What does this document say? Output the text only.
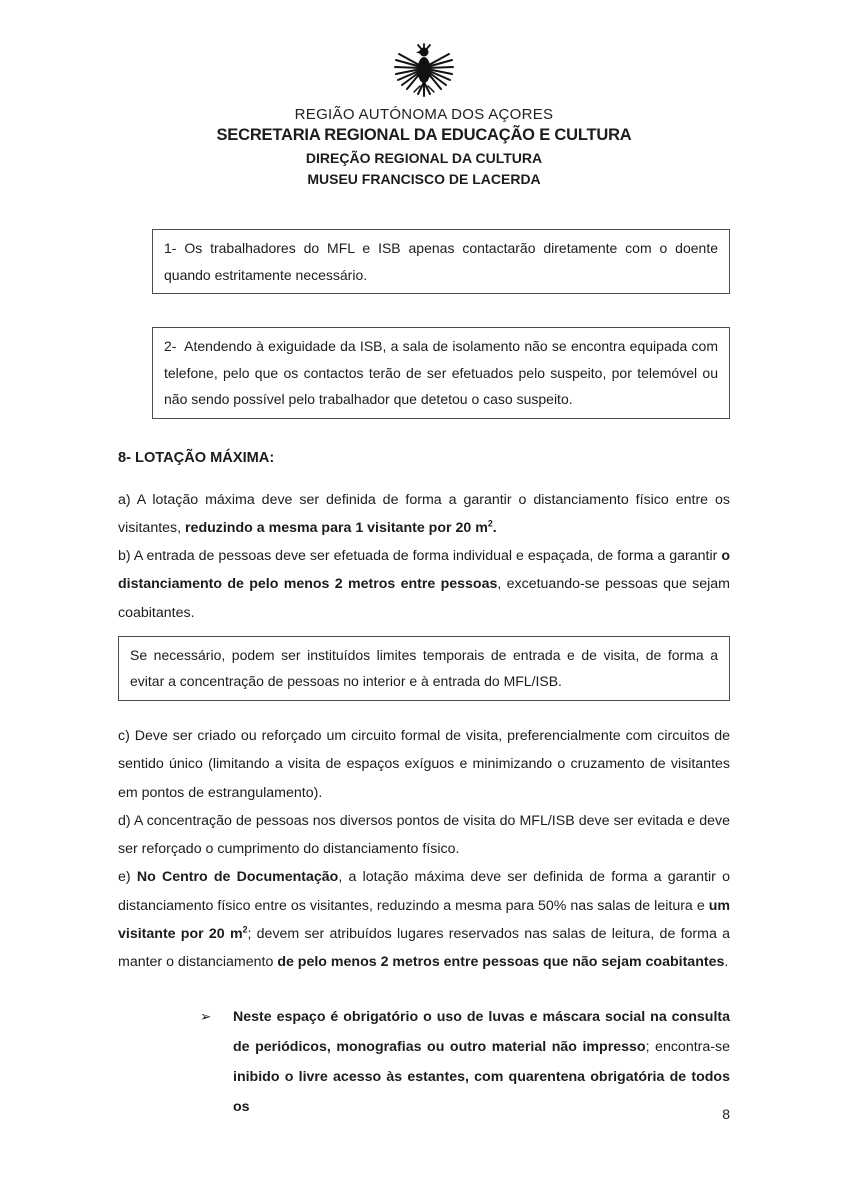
REGIÃO AUTÓNOMA DOS AÇORES
SECRETARIA REGIONAL DA EDUCAÇÃO E CULTURA
DIREÇÃO REGIONAL DA CULTURA
MUSEU FRANCISCO DE LACERDA

1- Os trabalhadores do MFL e ISB apenas contactarão diretamente com o doente quando estritamente necessário.

2-  Atendendo à exiguidade da ISB, a sala de isolamento não se encontra equipada com telefone, pelo que os contactos terão de ser efetuados pelo suspeito, por telemóvel ou não sendo possível pelo trabalhador que detetou o caso suspeito.

8- LOTAÇÃO MÁXIMA:

a) A lotação máxima deve ser definida de forma a garantir o distanciamento físico entre os visitantes, reduzindo a mesma para 1 visitante por 20 $m^2$.

b) A entrada de pessoas deve ser efetuada de forma individual e espaçada, de forma a garantir o distanciamento de pelo menos 2 metros entre pessoas, excetuando-se pessoas que sejam coabitantes.

Se necessário, podem ser instituídos limites temporais de entrada e de visita, de forma a evitar a concentração de pessoas no interior e à entrada do MFL/ISB.

c) Deve ser criado ou reforçado um circuito formal de visita, preferencialmente com circuitos de sentido único (limitando a visita de espaços exíguos e minimizando o cruzamento de visitantes em pontos de estrangulamento).

d) A concentração de pessoas nos diversos pontos de visita do MFL/ISB deve ser evitada e deve ser reforçado o cumprimento do distanciamento físico.

e) No Centro de Documentação, a lotação máxima deve ser definida de forma a garantir o distanciamento físico entre os visitantes, reduzindo a mesma para 50% nas salas de leitura e um visitante por 20 $m^2$; devem ser atribuídos lugares reservados nas salas de leitura, de forma a manter o distanciamento de pelo menos 2 metros entre pessoas que não sejam coabitantes.

➢	Neste espaço é obrigatório o uso de luvas e máscara social na consulta de periódicos, monografias ou outro material não impresso; encontra-se inibido o livre acesso às estantes, com quarentena obrigatória de todos os	8
